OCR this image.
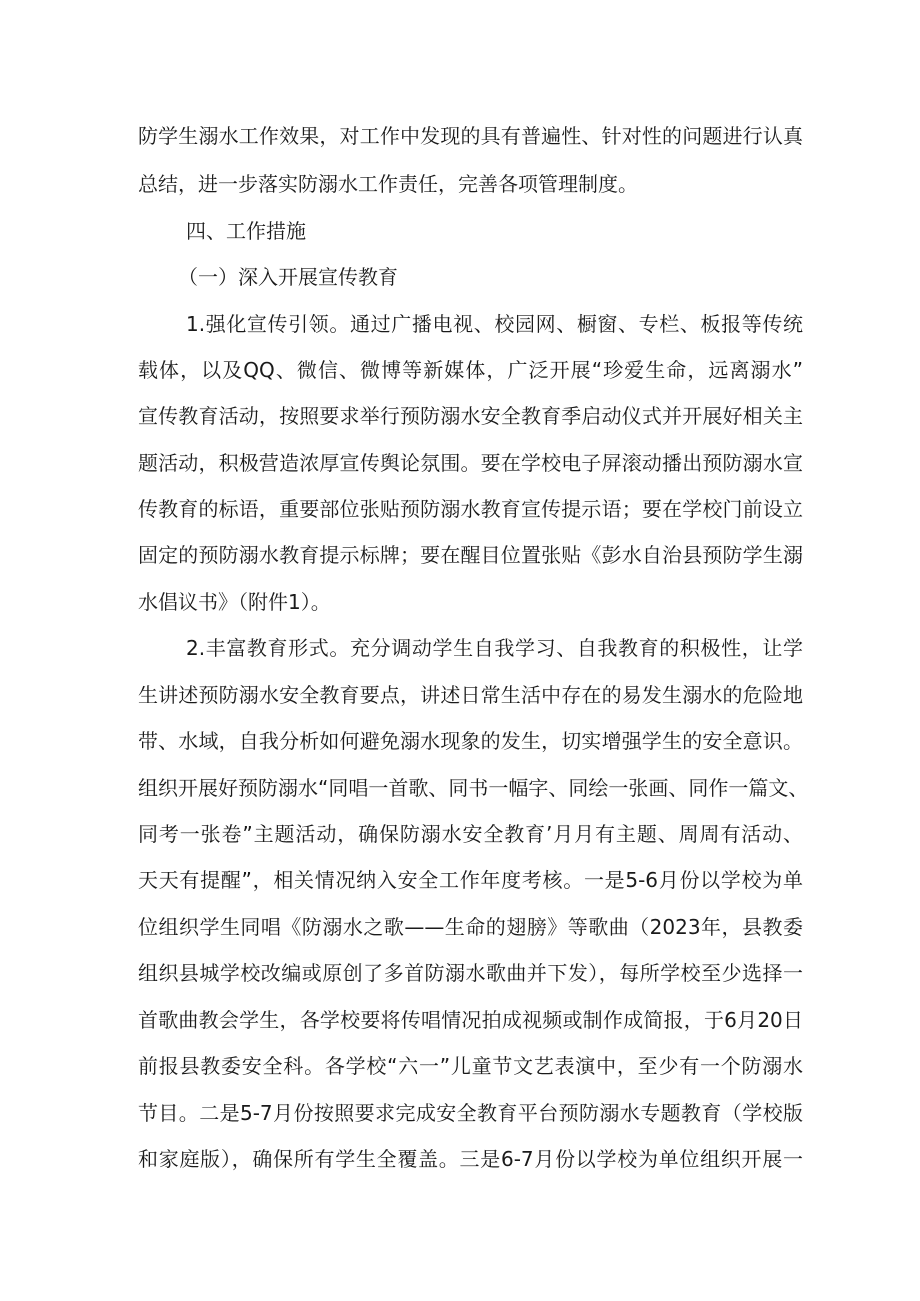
防学生溺水工作效果，对工作中发现的具有普遍性、针对性的问题进行认真
总结，进一步落实防溺水工作责任，完善各项管理制度。
四、工作措施
（一）深入开展宣传教育
1.强化宣传引领。通过广播电视、校园网、橱窗、专栏、板报等传统
载体，以及QQ、微信、微博等新媒体，广泛开展“珍爱生命，远离溺水”
宣传教育活动，按照要求举行预防溺水安全教育季启动仪式并开展好相关主
题活动，积极营造浓厚宣传舆论氛围。要在学校电子屏滚动播出预防溺水宣
传教育的标语，重要部位张贴预防溺水教育宣传提示语；要在学校门前设立
固定的预防溺水教育提示标牌；要在醒目位置张贴《彭水自治县预防学生溺
水倡议书》（附件1）。
2.丰富教育形式。充分调动学生自我学习、自我教育的积极性，让学
生讲述预防溺水安全教育要点，讲述日常生活中存在的易发生溺水的危险地
带、水域，自我分析如何避免溺水现象的发生，切实增强学生的安全意识。
组织开展好预防溺水“同唱一首歌、同书一幅字、同绘一张画、同作一篇文、
同考一张卷”主题活动，确保防溺水安全教育’月月有主题、周周有活动、
天天有提醒”，相关情况纳入安全工作年度考核。一是5-6月份以学校为单
位组织学生同唱《防溺水之歌——生命的翅膀》等歌曲（2023年，县教委
组织县城学校改编或原创了多首防溺水歌曲并下发），每所学校至少选择一
首歌曲教会学生，各学校要将传唱情况拍成视频或制作成简报，于6月20日
前报县教委安全科。各学校“六一”儿童节文艺表演中，至少有一个防溺水
节目。二是5-7月份按照要求完成安全教育平台预防溺水专题教育（学校版
和家庭版），确保所有学生全覆盖。三是6-7月份以学校为单位组织开展一
